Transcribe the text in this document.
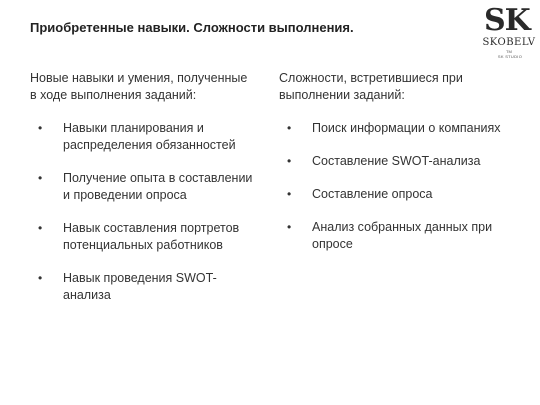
Приобретенные навыки. Сложности выполнения.	SK
SKOBELV
TM
SK STUDIO

Новые навыки и умения, полученные в ходе выполнения заданий:

• Навыки планирования и распределения обязанностей
• Получение опыта в составлении и проведении опроса
• Навык составления портретов потенциальных работников
• Навык проведения SWOT-анализа

Сложности, встретившиеся при выполнении заданий:

• Поиск информации о компаниях
• Составление SWOT-анализа
• Составление опроса
• Анализ собранных данных при опросе
